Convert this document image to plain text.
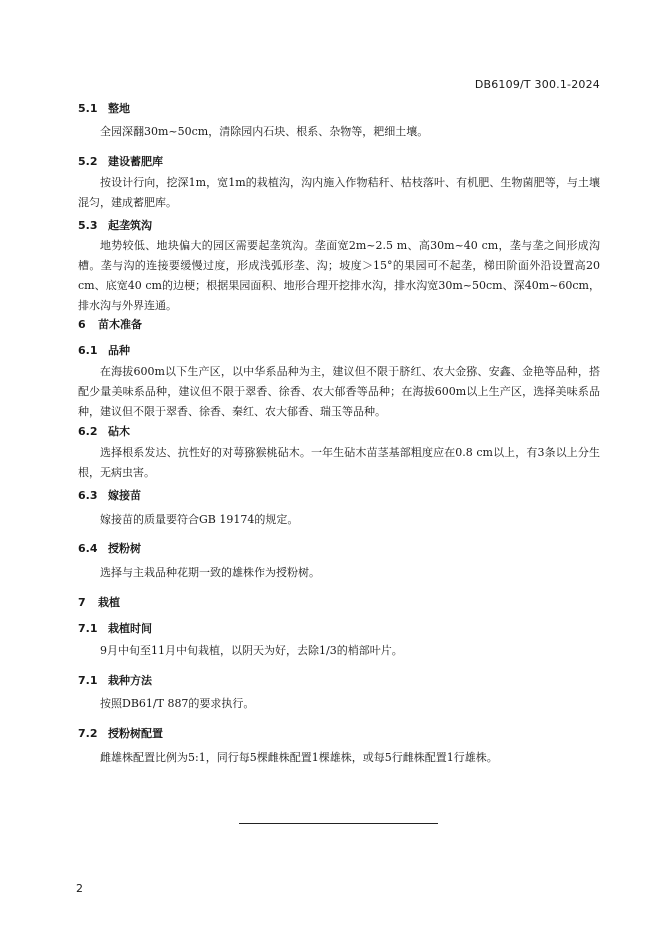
DB6109/T 300.1-2024
5.1 整地
全园深翻30m~50cm，清除园内石块、根系、杂物等，耙细土壤。
5.2 建设蓄肥库
按设计行向，挖深1m，宽1m的栽植沟，沟内施入作物秸秆、枯枝落叶、有机肥、生物菌肥等，与土壤混匀，建成蓄肥库。
5.3 起垄筑沟
地势较低、地块偏大的园区需要起垄筑沟。垄面宽2m~2.5 m、高30m~40 cm，垄与垄之间形成沟槽。垄与沟的连接要缓慢过度，形成浅弧形垄、沟；坡度＞15°的果园可不起垄，梯田阶面外沿设置高20 cm、底宽40 cm的边梗；根据果园面积、地形合理开挖排水沟，排水沟宽30m~50cm、深40m~60cm，排水沟与外界连通。
6 苗木准备
6.1 品种
在海拔600m以下生产区，以中华系品种为主，建议但不限于脐红、农大金猕、安鑫、金艳等品种，搭配少量美味系品种，建议但不限于翠香、徐香、农大郁香等品种；在海拔600m以上生产区，选择美味系品种，建议但不限于翠香、徐香、秦红、农大郁香、瑞玉等品种。
6.2 砧木
选择根系发达、抗性好的对萼猕猴桃砧木。一年生砧木苗茎基部粗度应在0.8 cm以上，有3条以上分生根，无病虫害。
6.3 嫁接苗
嫁接苗的质量要符合GB 19174的规定。
6.4 授粉树
选择与主栽品种花期一致的雄株作为授粉树。
7 栽植
7.1 栽植时间
9月中旬至11月中旬栽植，以阴天为好，去除1/3的梢部叶片。
7.1 栽种方法
按照DB61/T 887的要求执行。
7.2 授粉树配置
雌雄株配置比例为5:1，同行每5棵雌株配置1棵雄株，或每5行雌株配置1行雄株。
2
